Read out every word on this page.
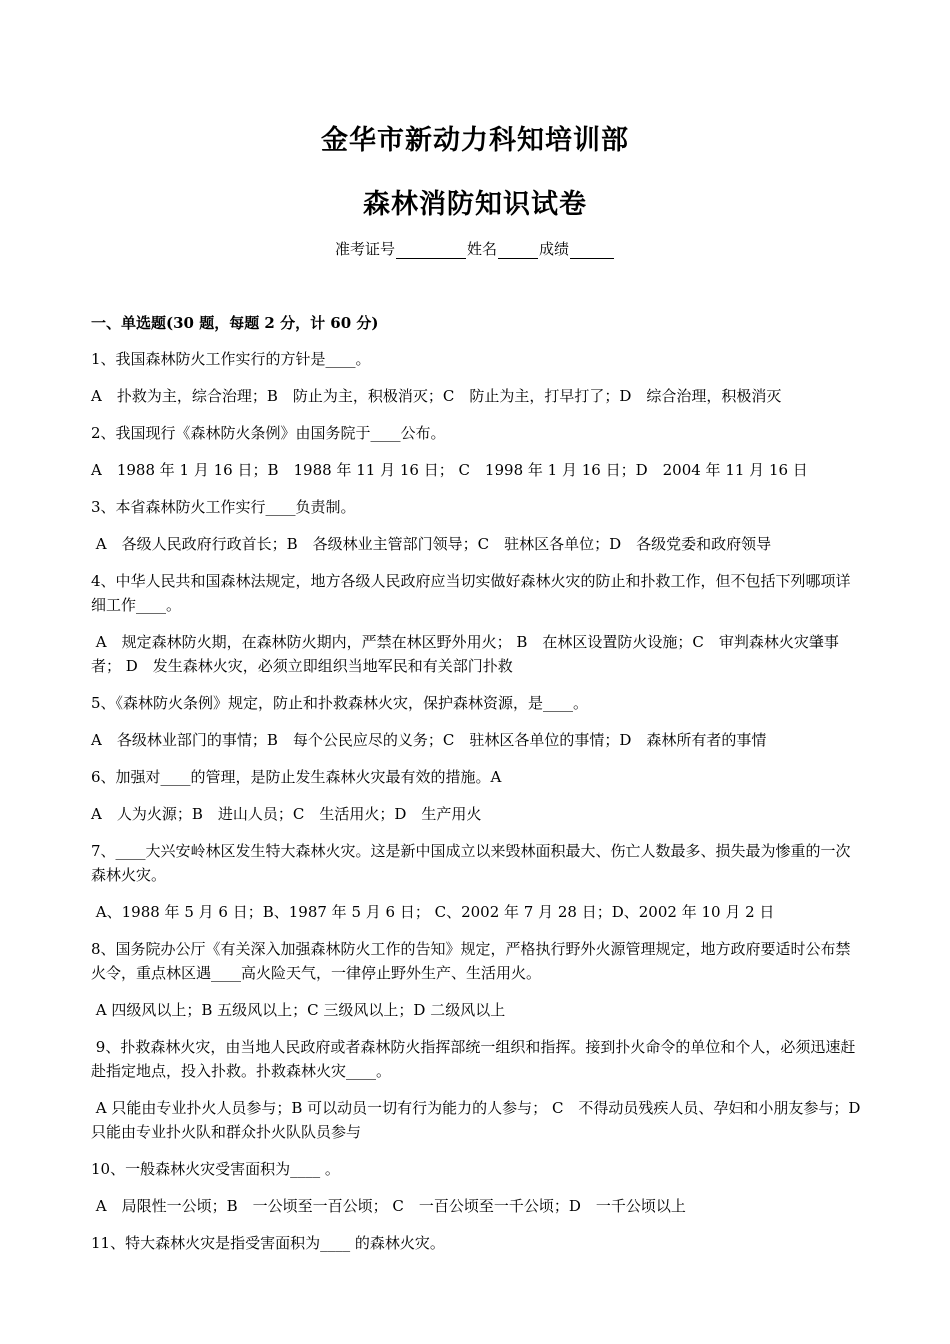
金华市新动力科知培训部
森林消防知识试卷
准考证号	姓名	成绩
一、单选题(30 题，每题 2 分，计 60 分)

1、我国森林防火工作实行的方针是____。

A　扑救为主，综合治理；B　防止为主，积极消灭；C　防止为主，打早打了；D　综合治理，积极消灭

2、我国现行《森林防火条例》由国务院于____公布。

A　1988 年 1 月 16 日；B　1988 年 11 月 16 日； C　1998 年 1 月 16 日；D　2004 年 11 月 16 日

3、本省森林防火工作实行____负责制。

A　各级人民政府行政首长；B　各级林业主管部门领导；C　驻林区各单位；D　各级党委和政府领导

4、中华人民共和国森林法规定，地方各级人民政府应当切实做好森林火灾的防止和扑救工作，但不包括下列哪项详细工作____。

A　规定森林防火期，在森林防火期内，严禁在林区野外用火； B　在林区设置防火设施；C　审判森林火灾肇事者； D　发生森林火灾，必须立即组织当地军民和有关部门扑救

5、《森林防火条例》规定，防止和扑救森林火灾，保护森林资源，是____。

A　各级林业部门的事情；B　每个公民应尽的义务；C　驻林区各单位的事情；D　森林所有者的事情

6、加强对____的管理，是防止发生森林火灾最有效的措施。A

A　人为火源；B　进山人员；C　生活用火；D　生产用火

7、____大兴安岭林区发生特大森林火灾。这是新中国成立以来毁林面积最大、伤亡人数最多、损失最为惨重的一次森林火灾。

A、1988 年 5 月 6 日；B、1987 年 5 月 6 日； C、2002 年 7 月 28 日；D、2002 年 10 月 2 日

8、国务院办公厅《有关深入加强森林防火工作的告知》规定，严格执行野外火源管理规定，地方政府要适时公布禁火令，重点林区遇____高火险天气，一律停止野外生产、生活用火。

A 四级风以上；B 五级风以上；C 三级风以上；D 二级风以上

9、扑救森林火灾，由当地人民政府或者森林防火指挥部统一组织和指挥。接到扑火命令的单位和个人，必须迅速赶赴指定地点，投入扑救。扑救森林火灾____。

A 只能由专业扑火人员参与；B 可以动员一切有行为能力的人参与； C　不得动员残疾人员、孕妇和小朋友参与；D　只能由专业扑火队和群众扑火队队员参与

10、一般森林火灾受害面积为____ 。

A　局限性一公顷；B　一公顷至一百公顷； C　一百公顷至一千公顷；D　一千公顷以上

11、特大森林火灾是指受害面积为____ 的森林火灾。
